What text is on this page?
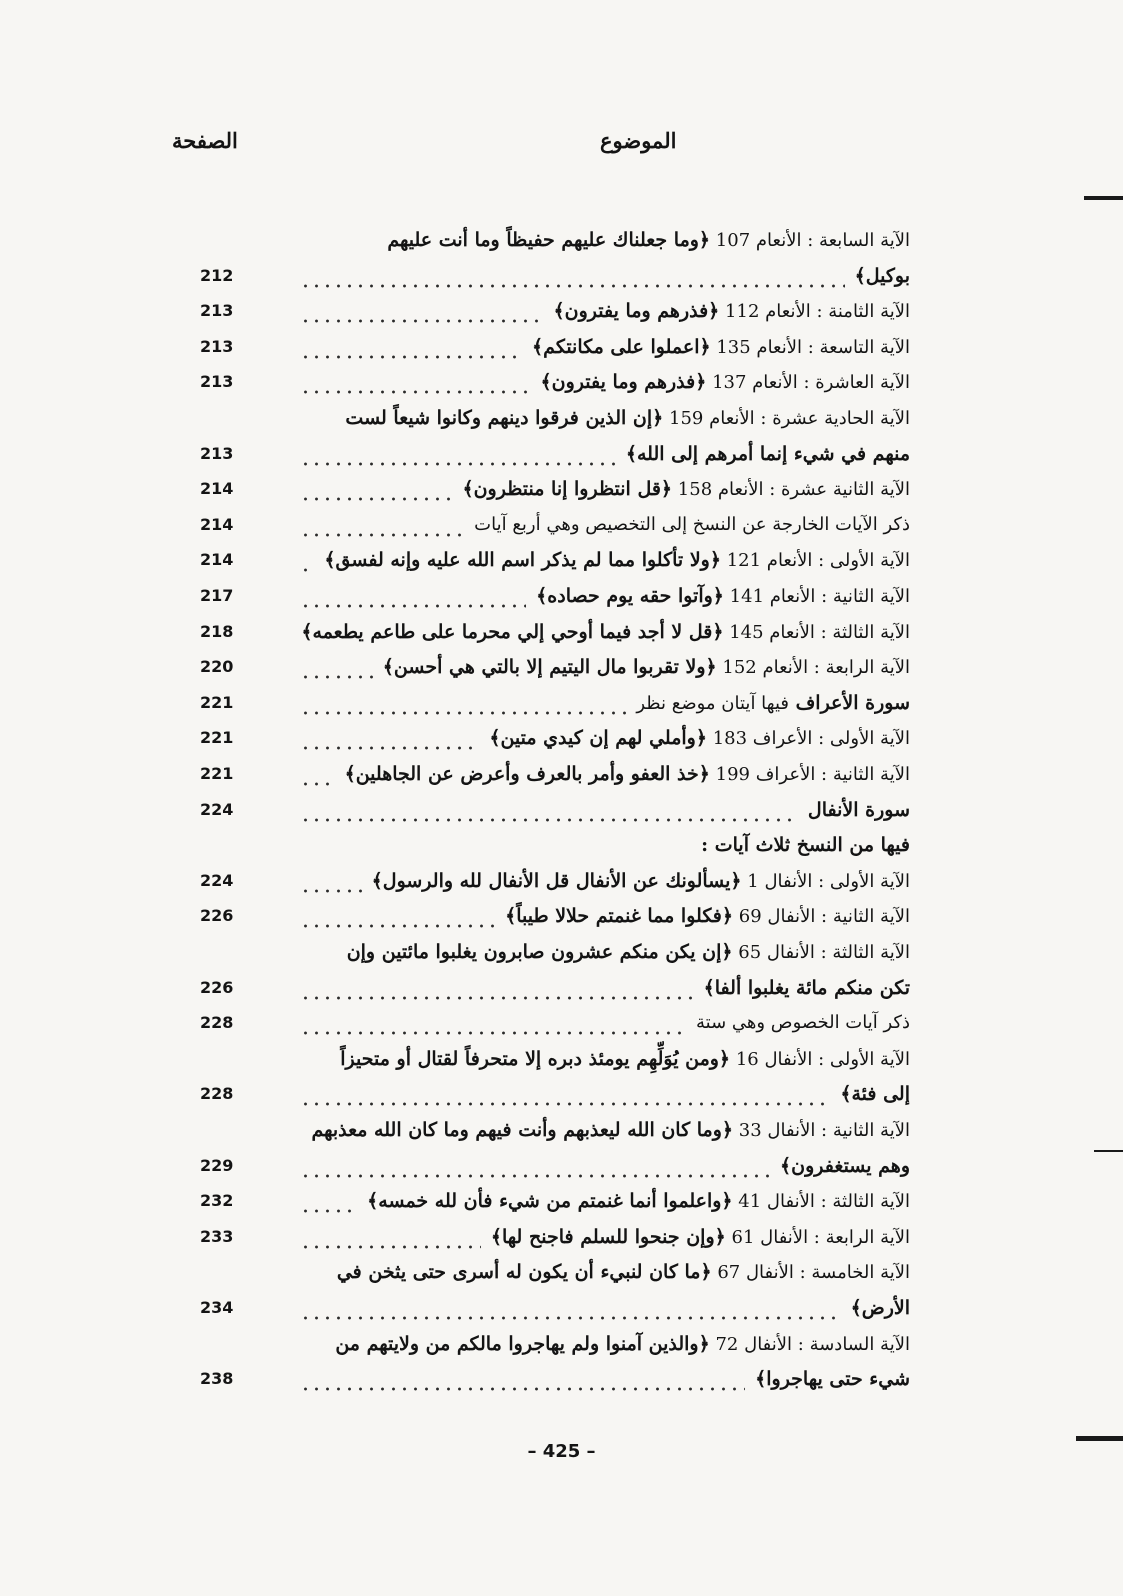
الموضوع
الصفحة
الآية السابعة : الأنعام 107 ﴿وما جعلناك عليهم حفيظاً وما أنت عليهم
بوكيل﴾
212
الآية الثامنة : الأنعام 112 ﴿فذرهم وما يفترون﴾
213
الآية التاسعة : الأنعام 135 ﴿اعملوا على مكانتكم﴾
213
الآية العاشرة : الأنعام 137 ﴿فذرهم وما يفترون﴾
213
الآية الحادية عشرة : الأنعام 159 ﴿إن الذين فرقوا دينهم وكانوا شيعاً لست
منهم في شيء إنما أمرهم إلى الله﴾
213
الآية الثانية عشرة : الأنعام 158 ﴿قل انتظروا إنا منتظرون﴾
214
ذكر الآيات الخارجة عن النسخ إلى التخصيص وهي أربع آيات
214
الآية الأولى : الأنعام 121 ﴿ولا تأكلوا مما لم يذكر اسم الله عليه وإنه لفسق﴾
214
الآية الثانية : الأنعام 141 ﴿وآتوا حقه يوم حصاده﴾
217
الآية الثالثة : الأنعام 145 ﴿قل لا أجد فيما أوحي إلي محرما على طاعم يطعمه﴾
218
الآية الرابعة : الأنعام 152 ﴿ولا تقربوا مال اليتيم إلا بالتي هي أحسن﴾
220
سورة الأعراف فيها آيتان موضع نظر
221
الآية الأولى : الأعراف 183 ﴿وأملي لهم إن كيدي متين﴾
221
الآية الثانية : الأعراف 199 ﴿خذ العفو وأمر بالعرف وأعرض عن الجاهلين﴾
221
سورة الأنفال
224
فيها من النسخ ثلاث آيات :
الآية الأولى : الأنفال 1 ﴿يسألونك عن الأنفال قل الأنفال لله والرسول﴾
224
الآية الثانية : الأنفال 69 ﴿فكلوا مما غنمتم حلالا طيباً﴾
226
الآية الثالثة : الأنفال 65 ﴿إن يكن منكم عشرون صابرون يغلبوا مائتين وإن
تكن منكم مائة يغلبوا ألفا﴾
226
ذكر آيات الخصوص وهي ستة
228
الآية الأولى : الأنفال 16 ﴿ومن يُوَلِّهِم يومئذ دبره إلا متحرفاً لقتال أو متحيزاً
إلى فئة﴾
228
الآية الثانية : الأنفال 33 ﴿وما كان الله ليعذبهم وأنت فيهم وما كان الله معذبهم
وهم يستغفرون﴾
229
الآية الثالثة : الأنفال 41 ﴿واعلموا أنما غنمتم من شيء فأن لله خمسه﴾
232
الآية الرابعة : الأنفال 61 ﴿وإن جنحوا للسلم فاجنح لها﴾
233
الآية الخامسة : الأنفال 67 ﴿ما كان لنبيء أن يكون له أسرى حتى يثخن في
الأرض﴾
234
الآية السادسة : الأنفال 72 ﴿والذين آمنوا ولم يهاجروا مالكم من ولايتهم من
شيء حتى يهاجروا﴾
238
– 425 –
